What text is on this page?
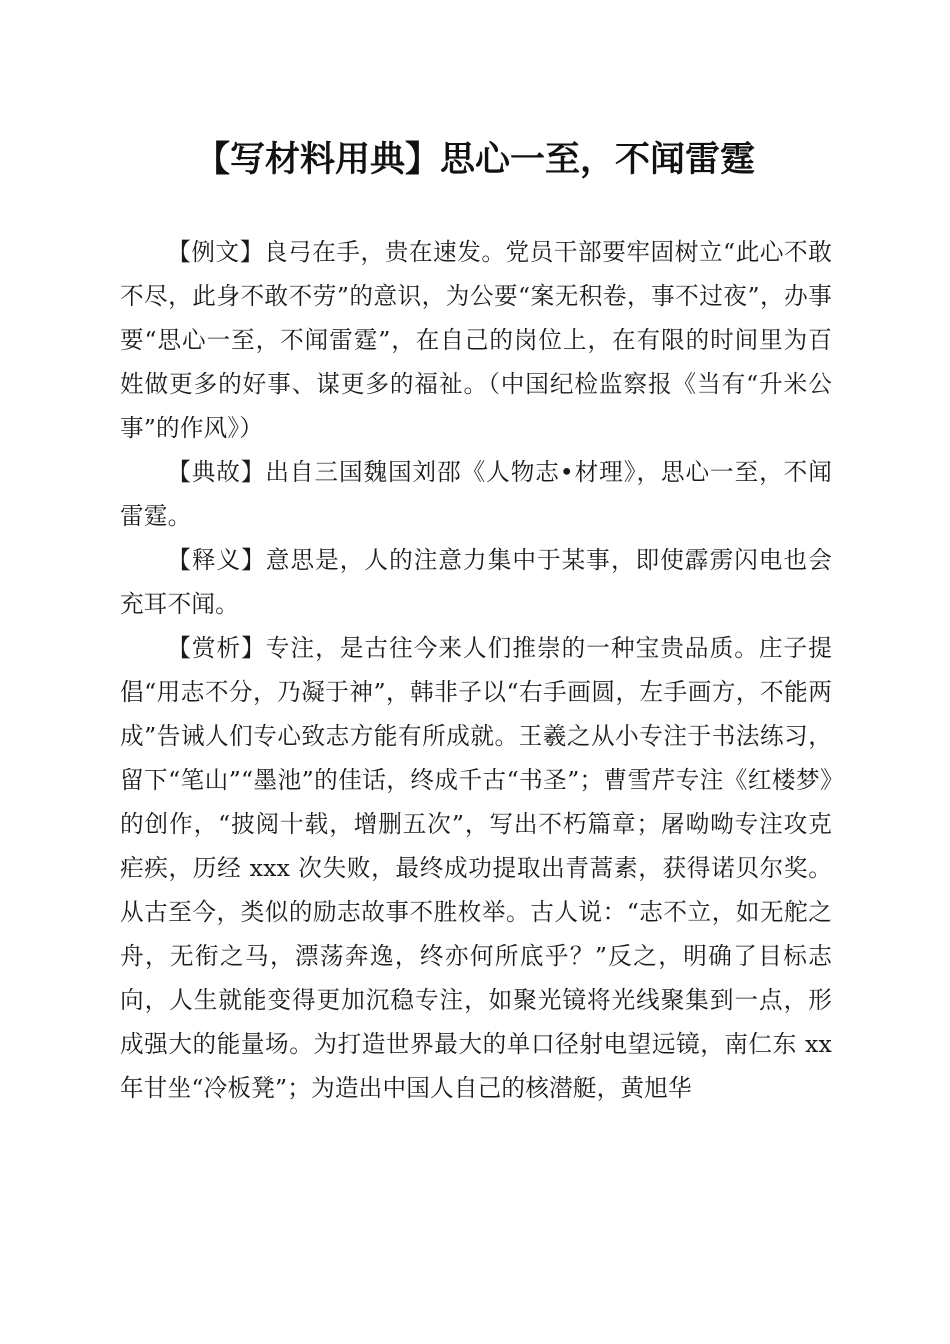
【写材料用典】思心一至，不闻雷霆

【例文】良弓在手，贵在速发。党员干部要牢固树立“此心不敢不尽，此身不敢不劳”的意识，为公要“案无积卷，事不过夜”，办事要“思心一至，不闻雷霆”，在自己的岗位上，在有限的时间里为百姓做更多的好事、谋更多的福祉。（中国纪检监察报《当有“升米公事”的作风》）

【典故】出自三国魏国刘邵《人物志•材理》，思心一至，不闻雷霆。

【释义】意思是，人的注意力集中于某事，即使霹雳闪电也会充耳不闻。

【赏析】专注，是古往今来人们推崇的一种宝贵品质。庄子提倡“用志不分，乃凝于神”，韩非子以“右手画圆，左手画方，不能两成”告诫人们专心致志方能有所成就。王羲之从小专注于书法练习，留下“笔山”“墨池”的佳话，终成千古“书圣”；曹雪芹专注《红楼梦》的创作，“披阅十载，增删五次”，写出不朽篇章；屠呦呦专注攻克疟疾，历经 xxx 次失败，最终成功提取出青蒿素，获得诺贝尔奖。从古至今，类似的励志故事不胜枚举。古人说：“志不立，如无舵之舟，无衔之马，漂荡奔逸，终亦何所底乎？”反之，明确了目标志向，人生就能变得更加沉稳专注，如聚光镜将光线聚集到一点，形成强大的能量场。为打造世界最大的单口径射电望远镜，南仁东 xx 年甘坐“冷板凳”；为造出中国人自己的核潜艇，黄旭华
